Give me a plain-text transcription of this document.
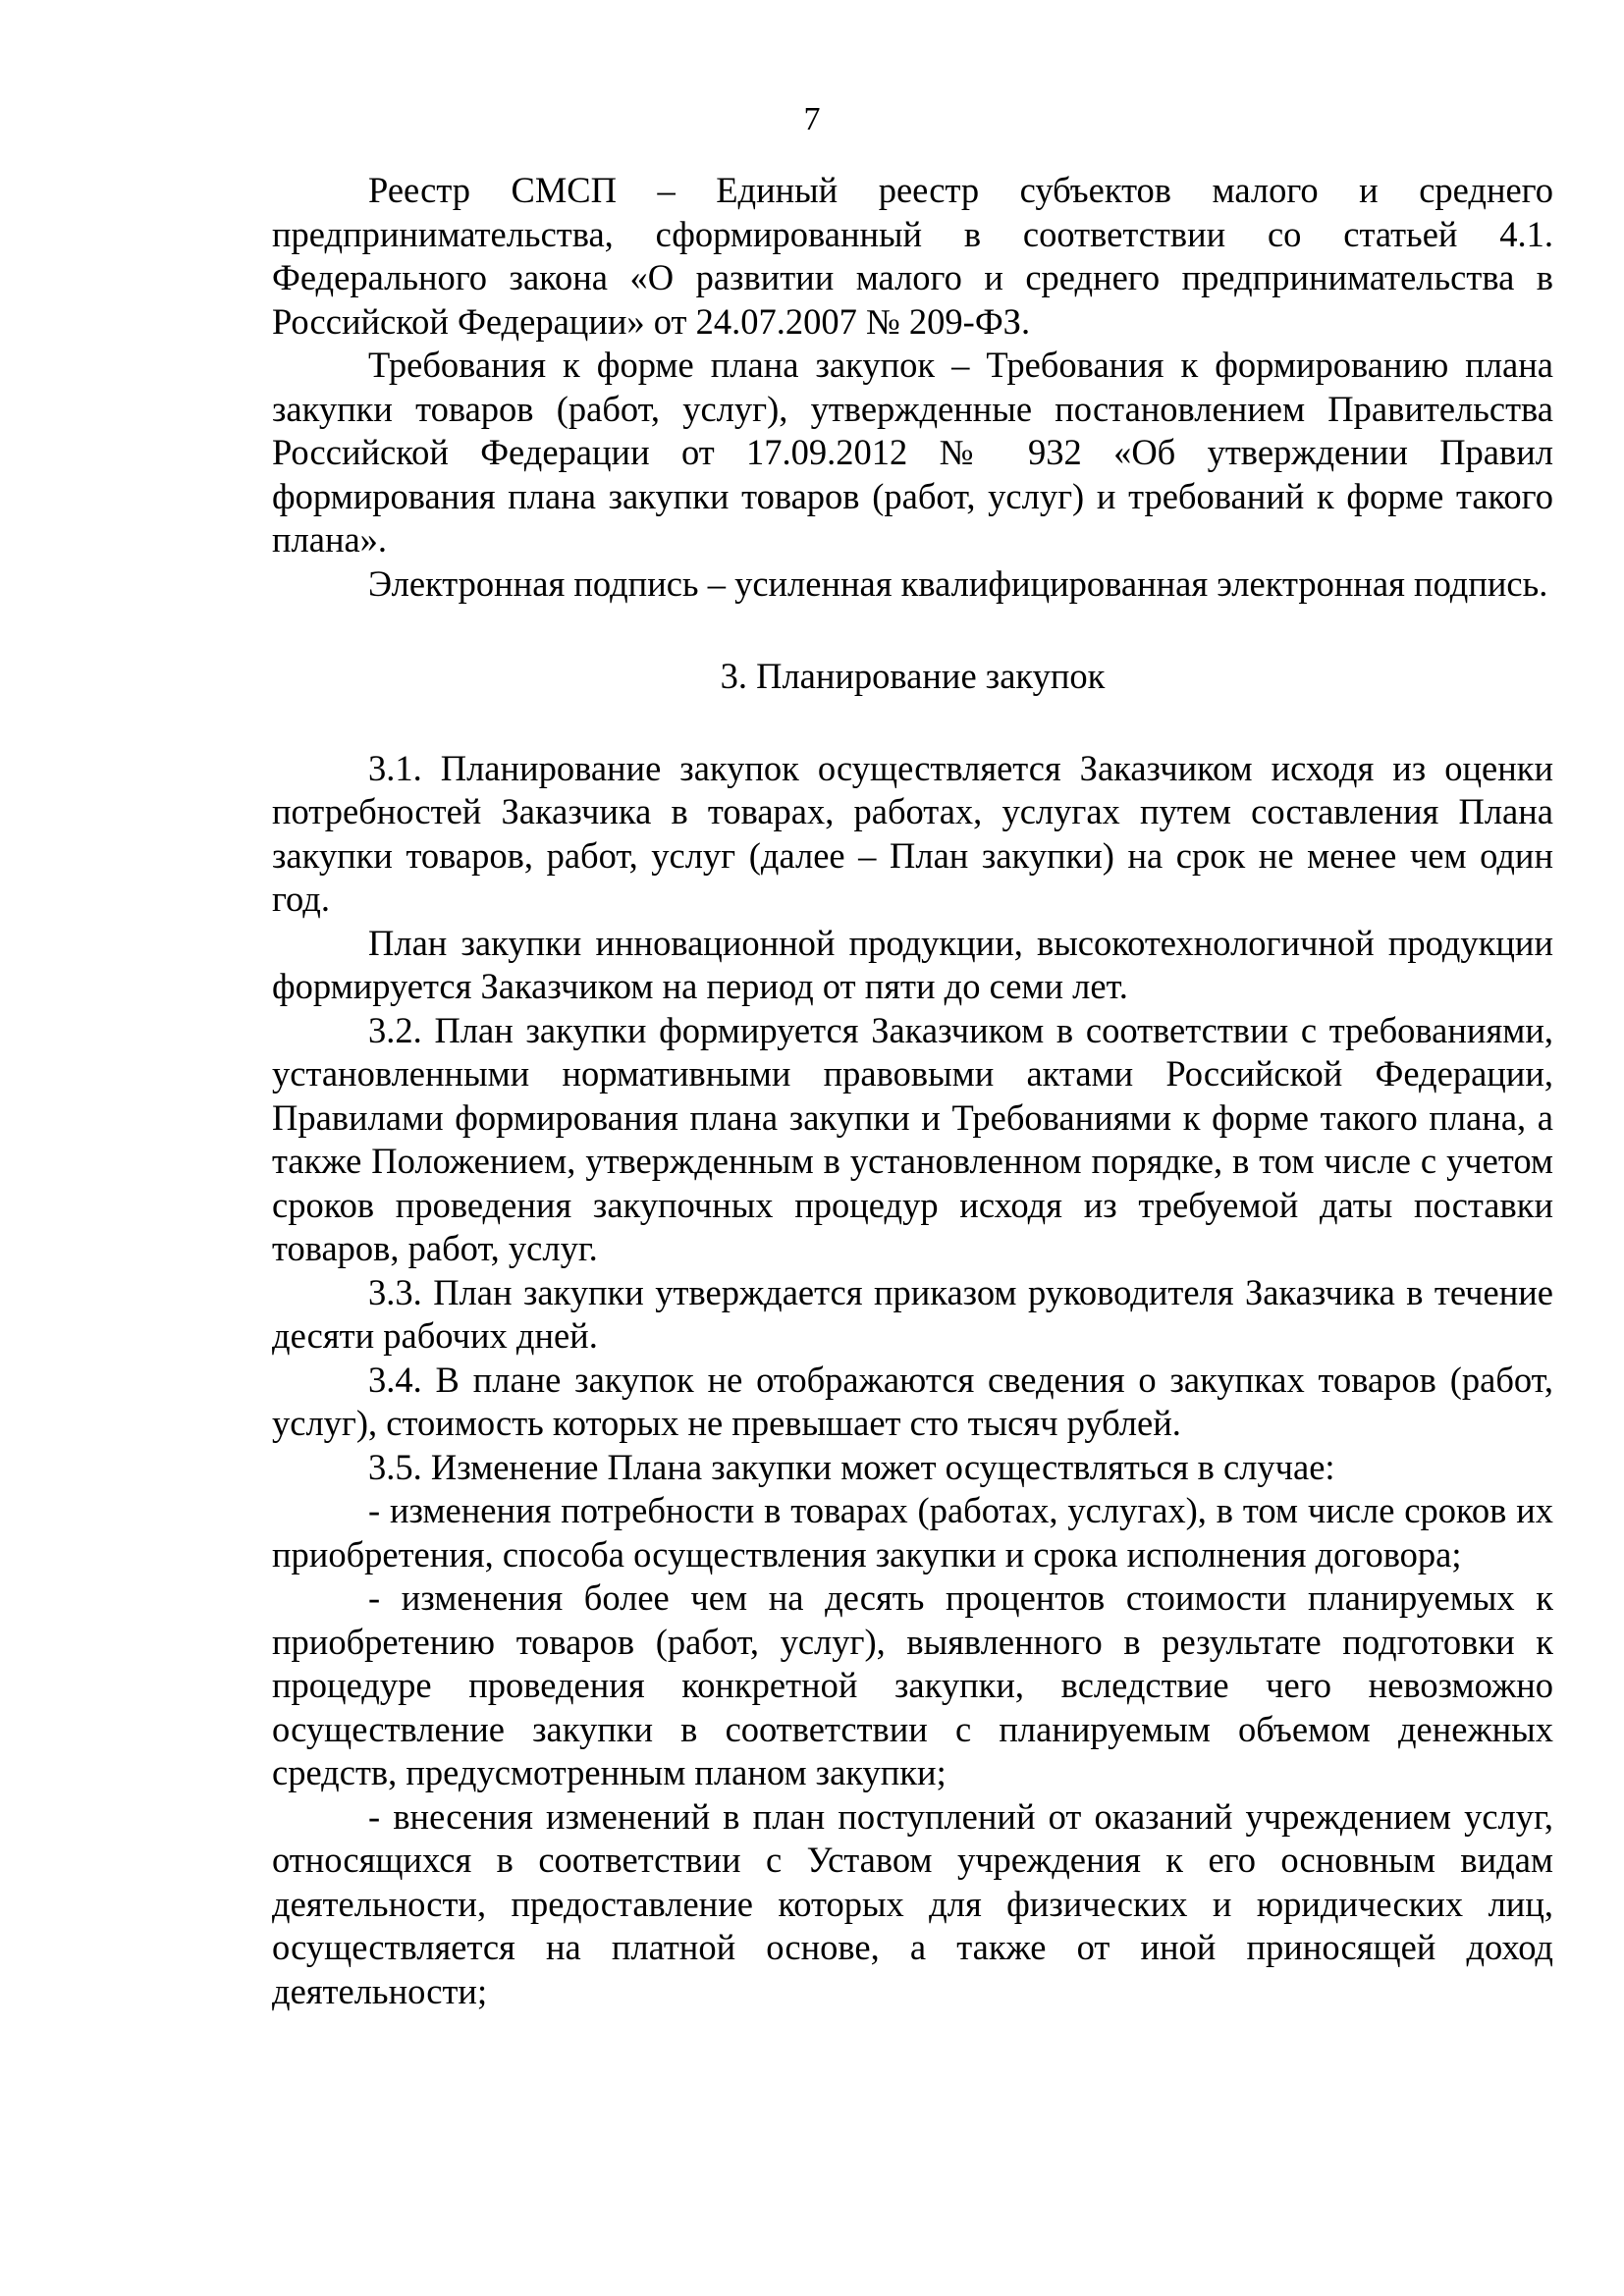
7

Реестр СМСП – Единый реестр субъектов малого и среднего предпринимательства, сформированный в соответствии со статьей 4.1. Федерального закона «О развитии малого и среднего предпринимательства в Российской Федерации» от 24.07.2007 № 209-ФЗ.

Требования к форме плана закупок – Требования к формированию плана закупки товаров (работ, услуг), утвержденные постановлением Правительства Российской Федерации от 17.09.2012 № 932 «Об утверждении Правил формирования плана закупки товаров (работ, услуг) и требований к форме такого плана».

Электронная подпись – усиленная квалифицированная электронная подпись.

3. Планирование закупок

3.1. Планирование закупок осуществляется Заказчиком исходя из оценки потребностей Заказчика в товарах, работах, услугах путем составления Плана закупки товаров, работ, услуг (далее – План закупки) на срок не менее чем один год.

План закупки инновационной продукции, высокотехнологичной продукции формируется Заказчиком на период от пяти до семи лет.

3.2. План закупки формируется Заказчиком в соответствии с требованиями, установленными нормативными правовыми актами Российской Федерации, Правилами формирования плана закупки и Требованиями к форме такого плана, а также Положением, утвержденным в установленном порядке, в том числе с учетом сроков проведения закупочных процедур исходя из требуемой даты поставки товаров, работ, услуг.

3.3. План закупки утверждается приказом руководителя Заказчика в течение десяти рабочих дней.

3.4. В плане закупок не отображаются сведения о закупках товаров (работ, услуг), стоимость которых не превышает сто тысяч рублей.

3.5. Изменение Плана закупки может осуществляться в случае:

- изменения потребности в товарах (работах, услугах), в том числе сроков их приобретения, способа осуществления закупки и срока исполнения договора;

- изменения более чем на десять процентов стоимости планируемых к приобретению товаров (работ, услуг), выявленного в результате подготовки к процедуре проведения конкретной закупки, вследствие чего невозможно осуществление закупки в соответствии с планируемым объемом денежных средств, предусмотренным планом закупки;

- внесения изменений в план поступлений от оказаний учреждением услуг, относящихся в соответствии с Уставом учреждения к его основным видам деятельности, предоставление которых для физических и юридических лиц, осуществляется на платной основе, а также от иной приносящей доход деятельности;
